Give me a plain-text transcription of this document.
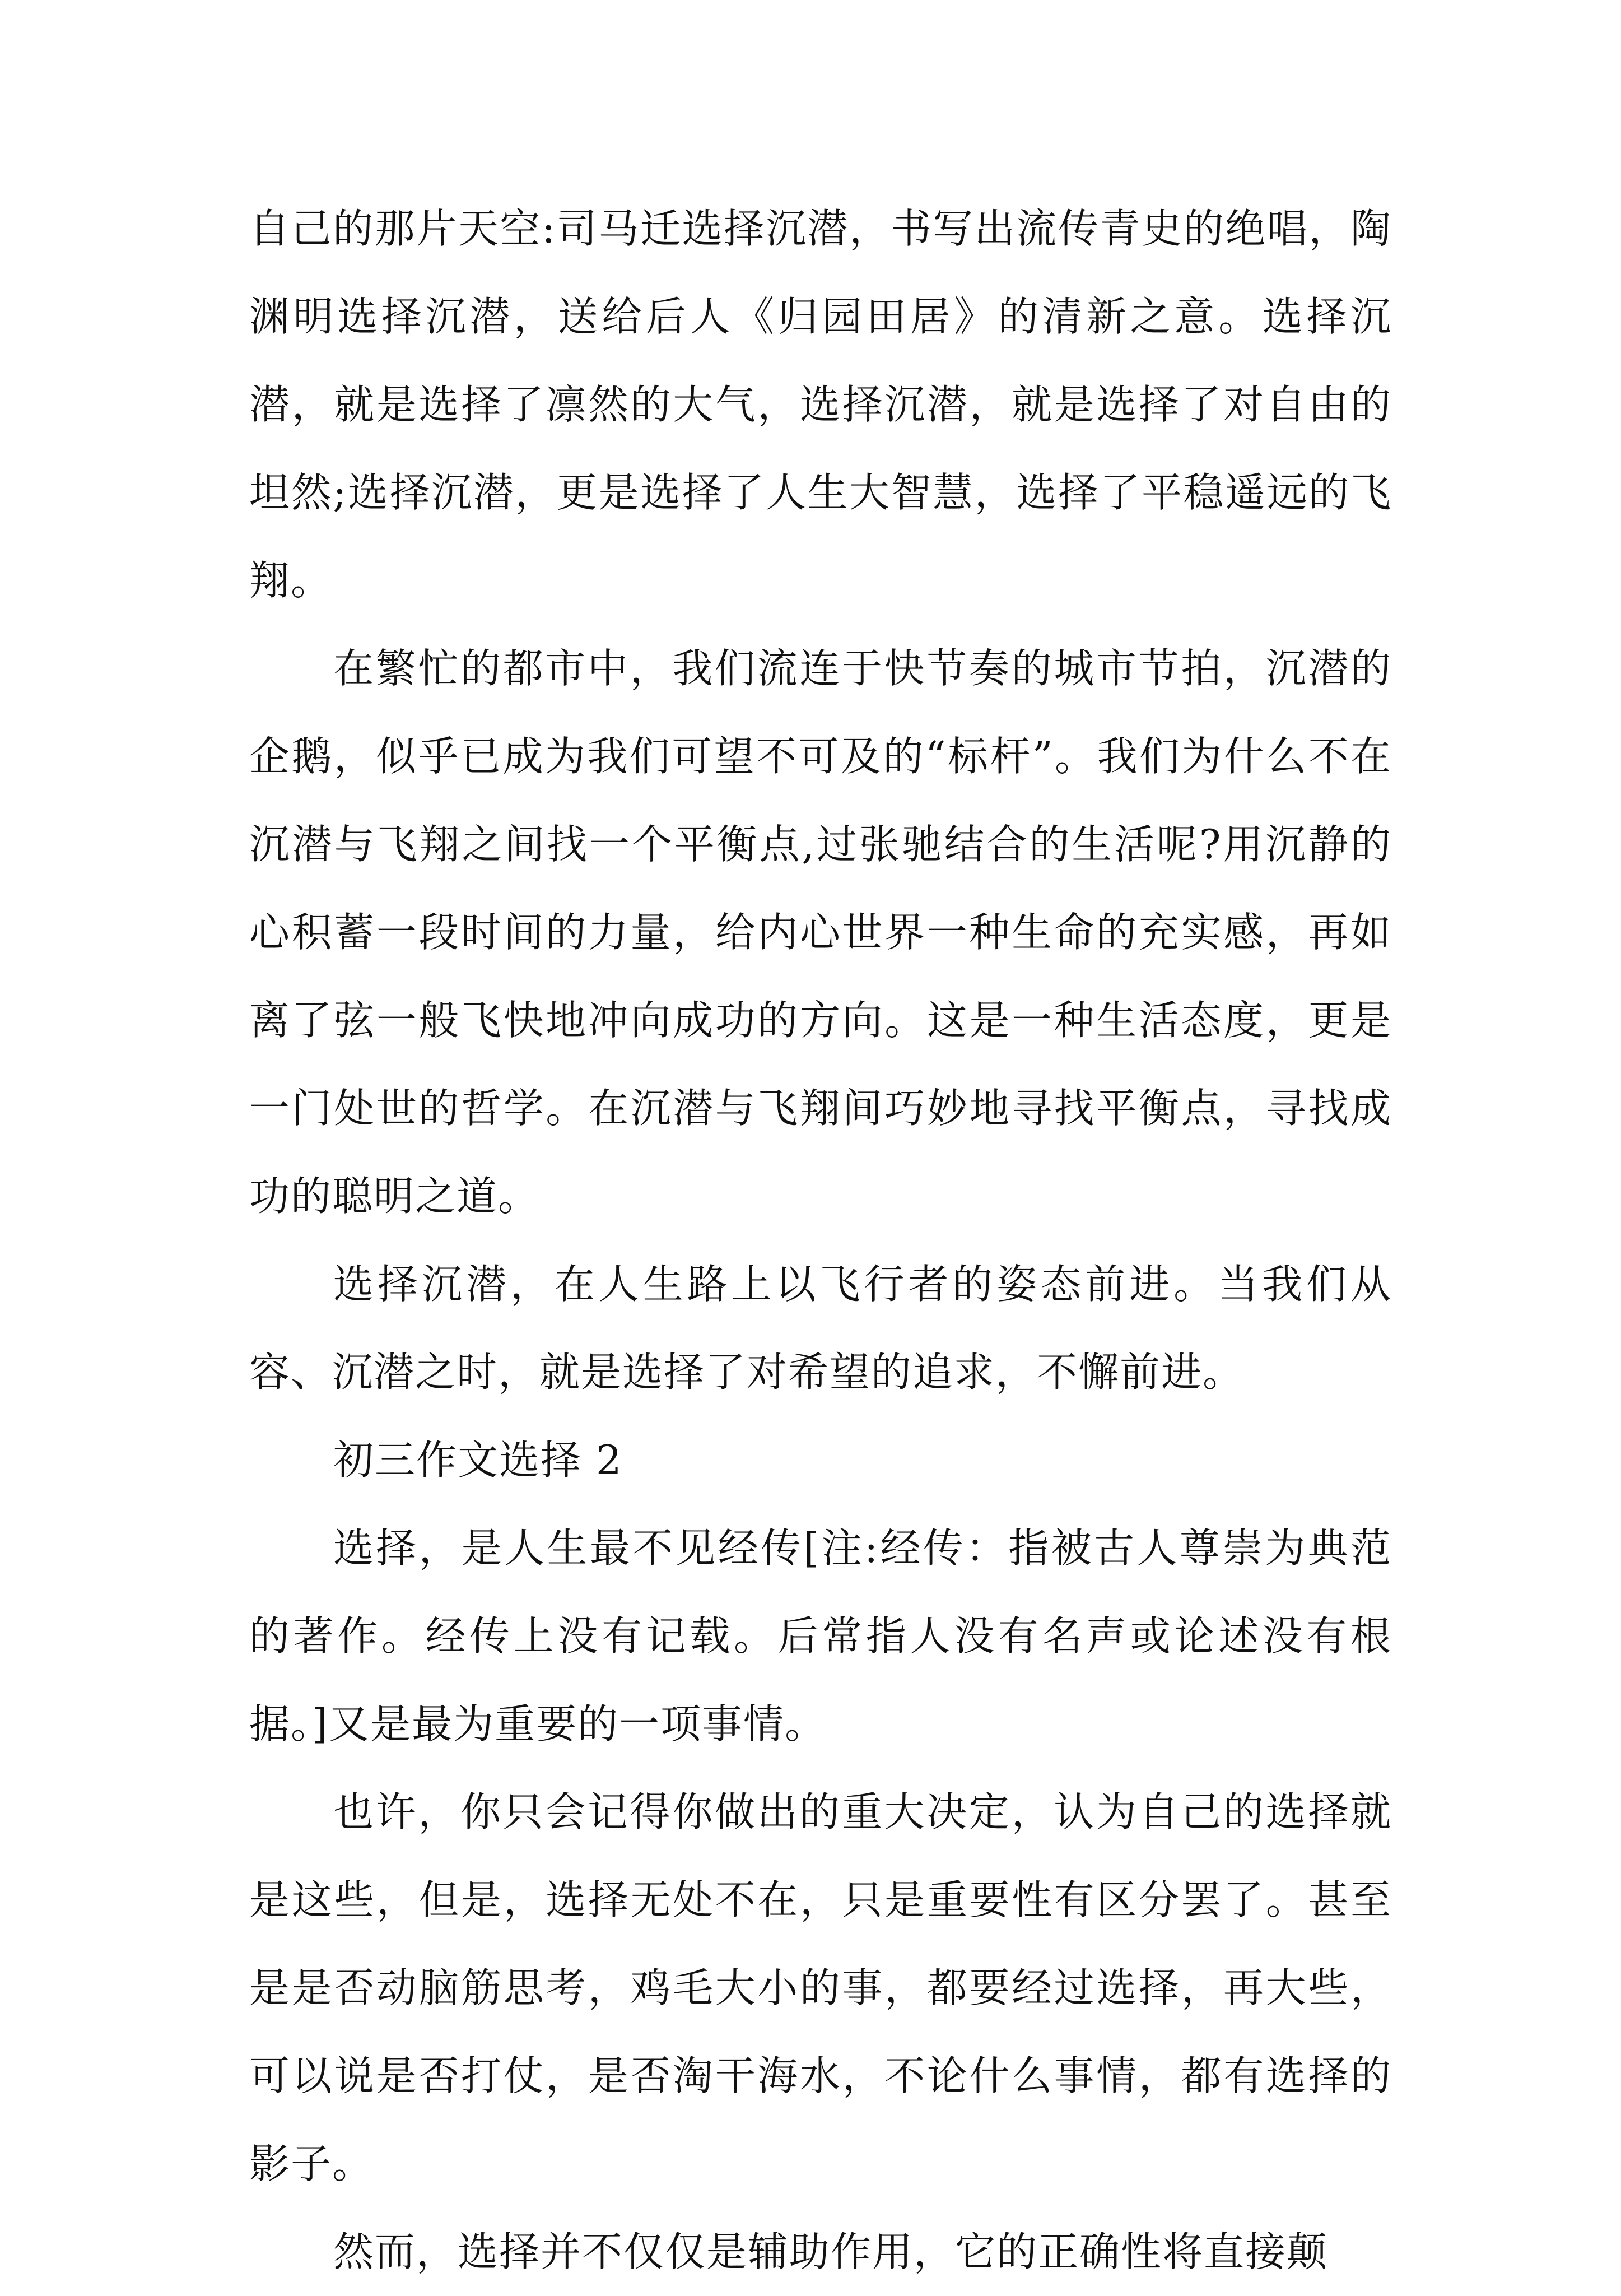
自己的那片天空:司马迁选择沉潜，书写出流传青史的绝唱，陶渊明选择沉潜，送给后人《归园田居》的清新之意。选择沉潜，就是选择了凛然的大气，选择沉潜，就是选择了对自由的坦然;选择沉潜，更是选择了人生大智慧，选择了平稳遥远的飞翔。

在繁忙的都市中，我们流连于快节奏的城市节拍，沉潜的企鹅，似乎已成为我们可望不可及的“标杆”。我们为什么不在沉潜与飞翔之间找一个平衡点,过张驰结合的生活呢?用沉静的心积蓄一段时间的力量，给内心世界一种生命的充实感，再如离了弦一般飞快地冲向成功的方向。这是一种生活态度，更是一门处世的哲学。在沉潜与飞翔间巧妙地寻找平衡点，寻找成功的聪明之道。

选择沉潜，在人生路上以飞行者的姿态前进。当我们从容、沉潜之时，就是选择了对希望的追求，不懈前进。

初三作文选择 2

选择，是人生最不见经传[注:经传：指被古人尊崇为典范的著作。经传上没有记载。后常指人没有名声或论述没有根据。]又是最为重要的一项事情。

也许，你只会记得你做出的重大决定，认为自己的选择就是这些，但是，选择无处不在，只是重要性有区分罢了。甚至是是否动脑筋思考，鸡毛大小的事，都要经过选择，再大些，可以说是否打仗，是否淘干海水，不论什么事情，都有选择的影子。

然而，选择并不仅仅是辅助作用，它的正确性将直接颠
